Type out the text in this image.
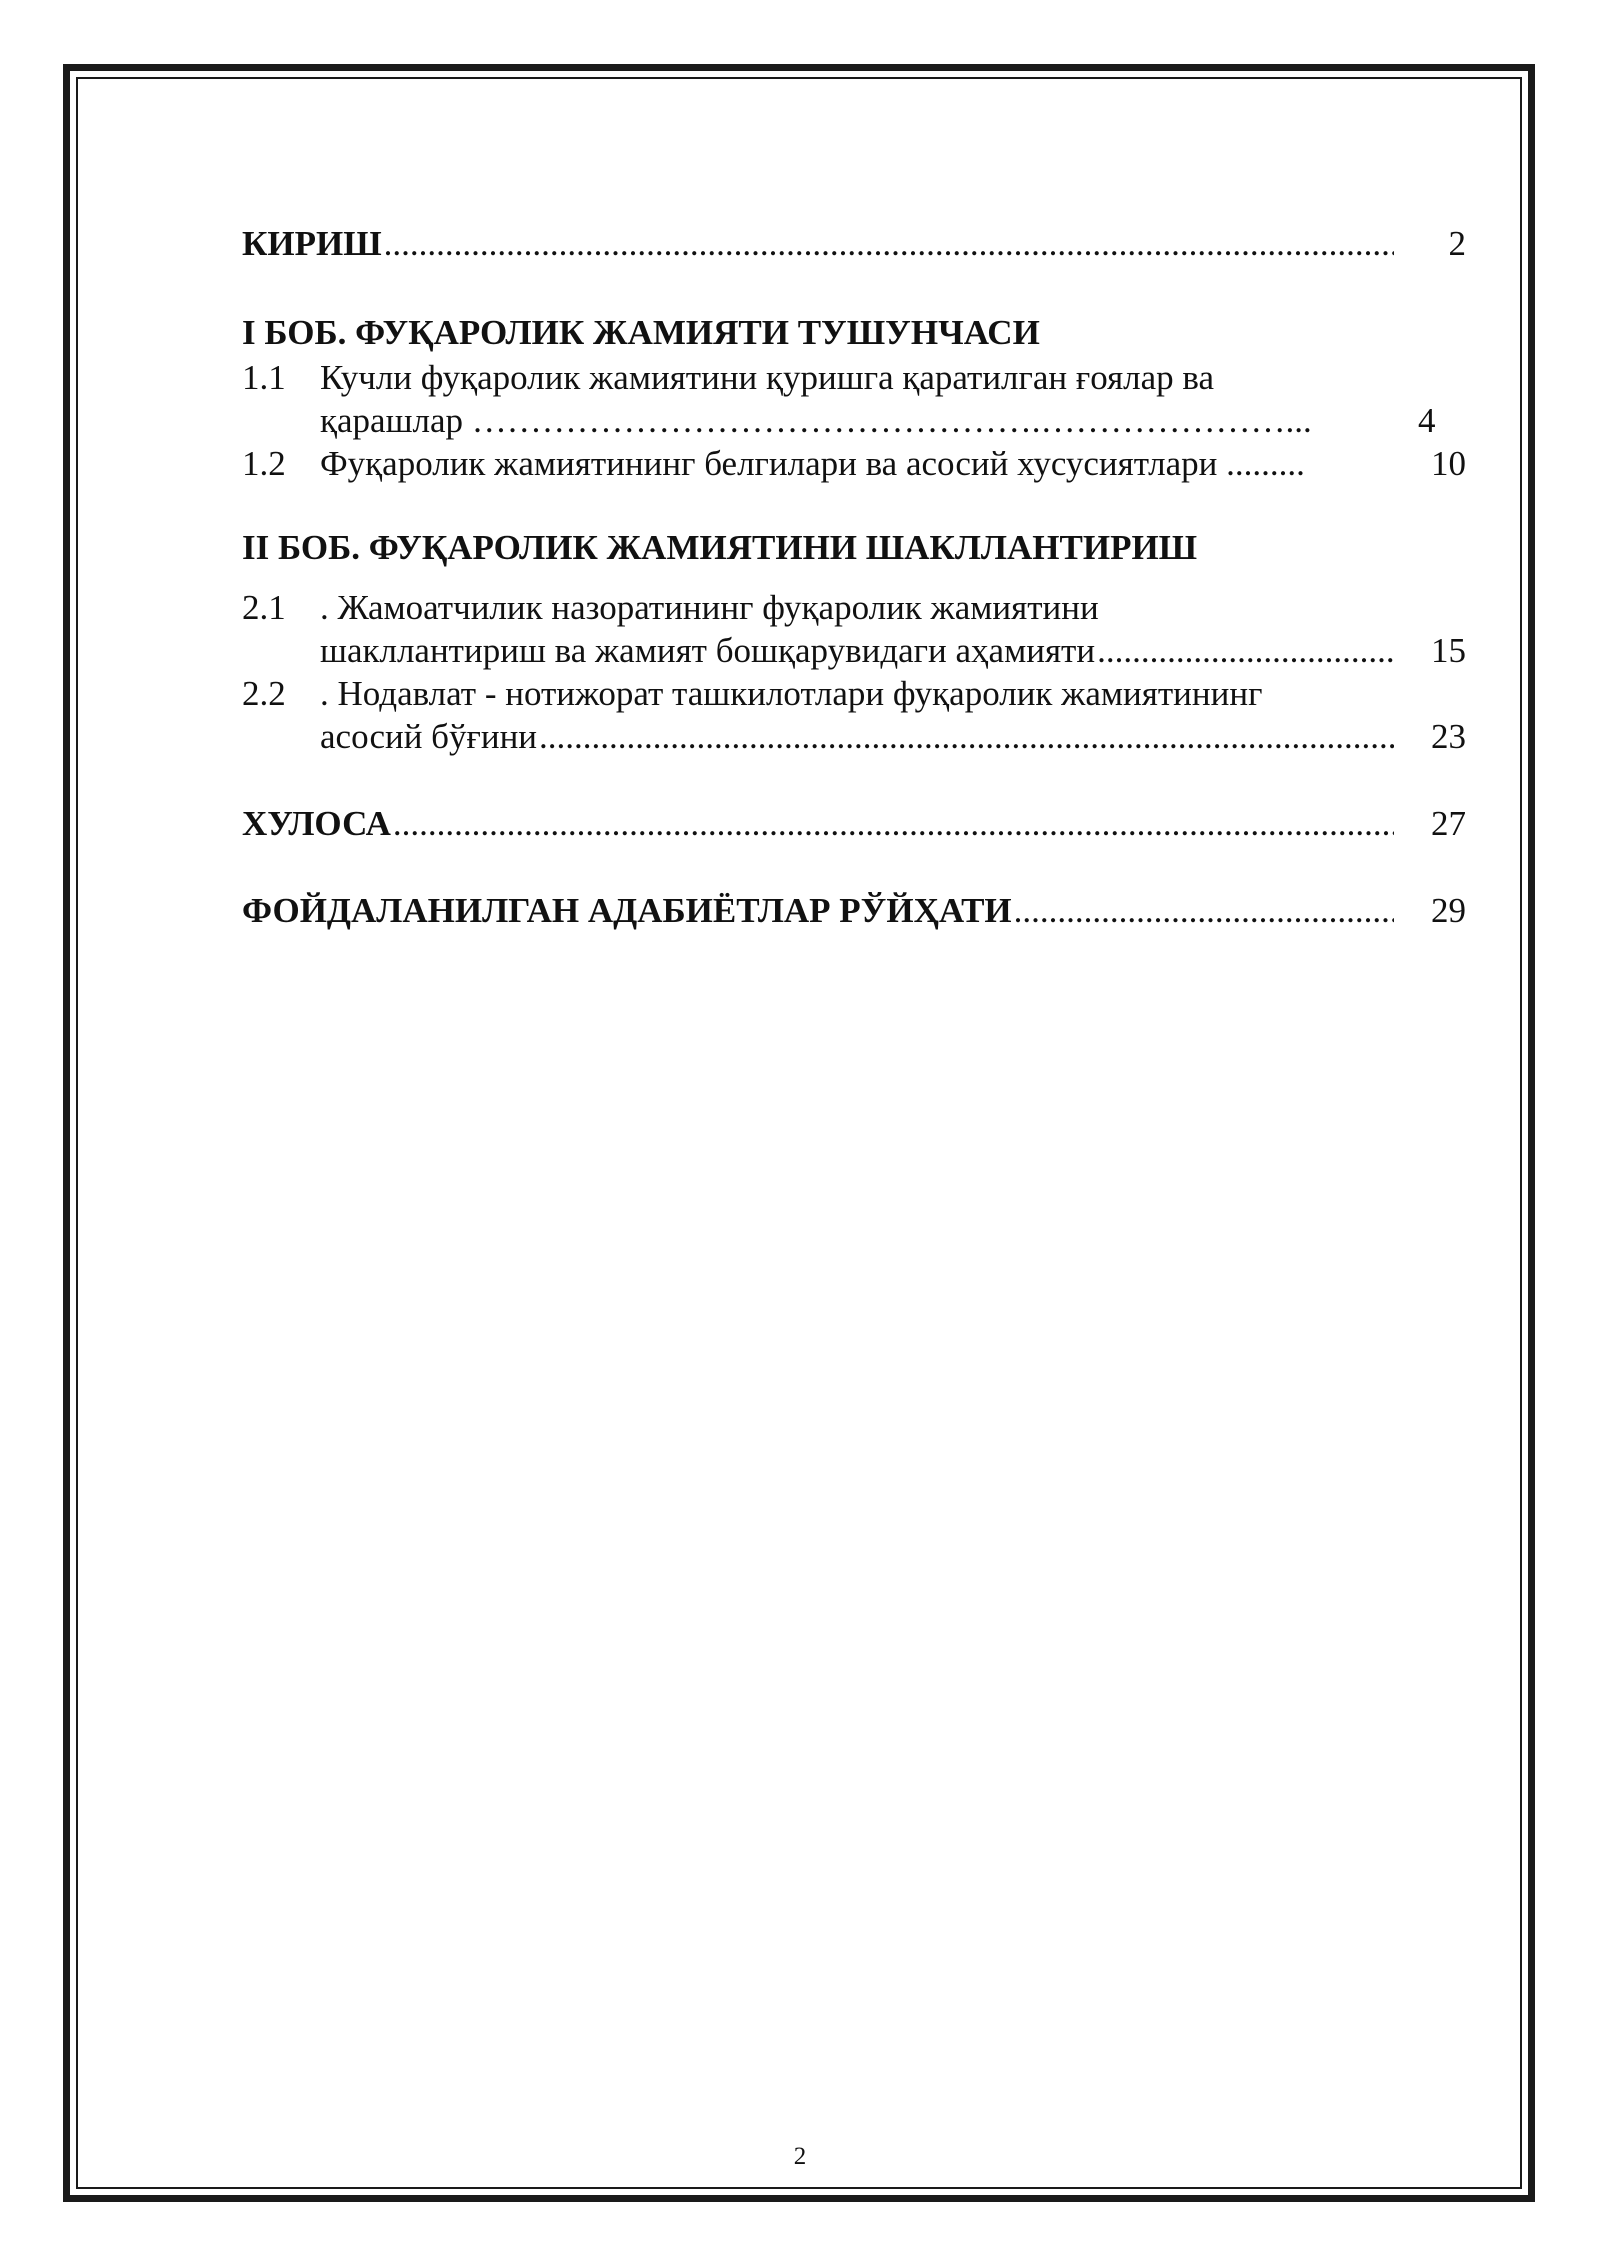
КИРИШ .....	2
I БОБ. ФУҚАРОЛИК ЖАМИЯТИ ТУШУНЧАСИ
1.1 Кучли фуқаролик жамиятини қуришга қаратилган ғоялар ва
қарашлар ………………………………………….…………………...	4
1.2 Фуқаролик жамиятининг белгилари ва асосий хусусиятлари .........	10
II БОБ. ФУҚАРОЛИК ЖАМИЯТИНИ ШАКЛЛАНТИРИШ
2.1 . Жамоатчилик назоратининг фуқаролик жамиятини
шакллантириш ва жамият бошқарувидаги аҳамияти .....	15
2.2 . Нодавлат - нотижорат ташкилотлари фуқаролик жамиятининг
асосий бўғини .....	23
ХУЛОСА .....	27
ФОЙДАЛАНИЛГАН АДАБИЁТЛАР РЎЙҲАТИ .....	29
2
